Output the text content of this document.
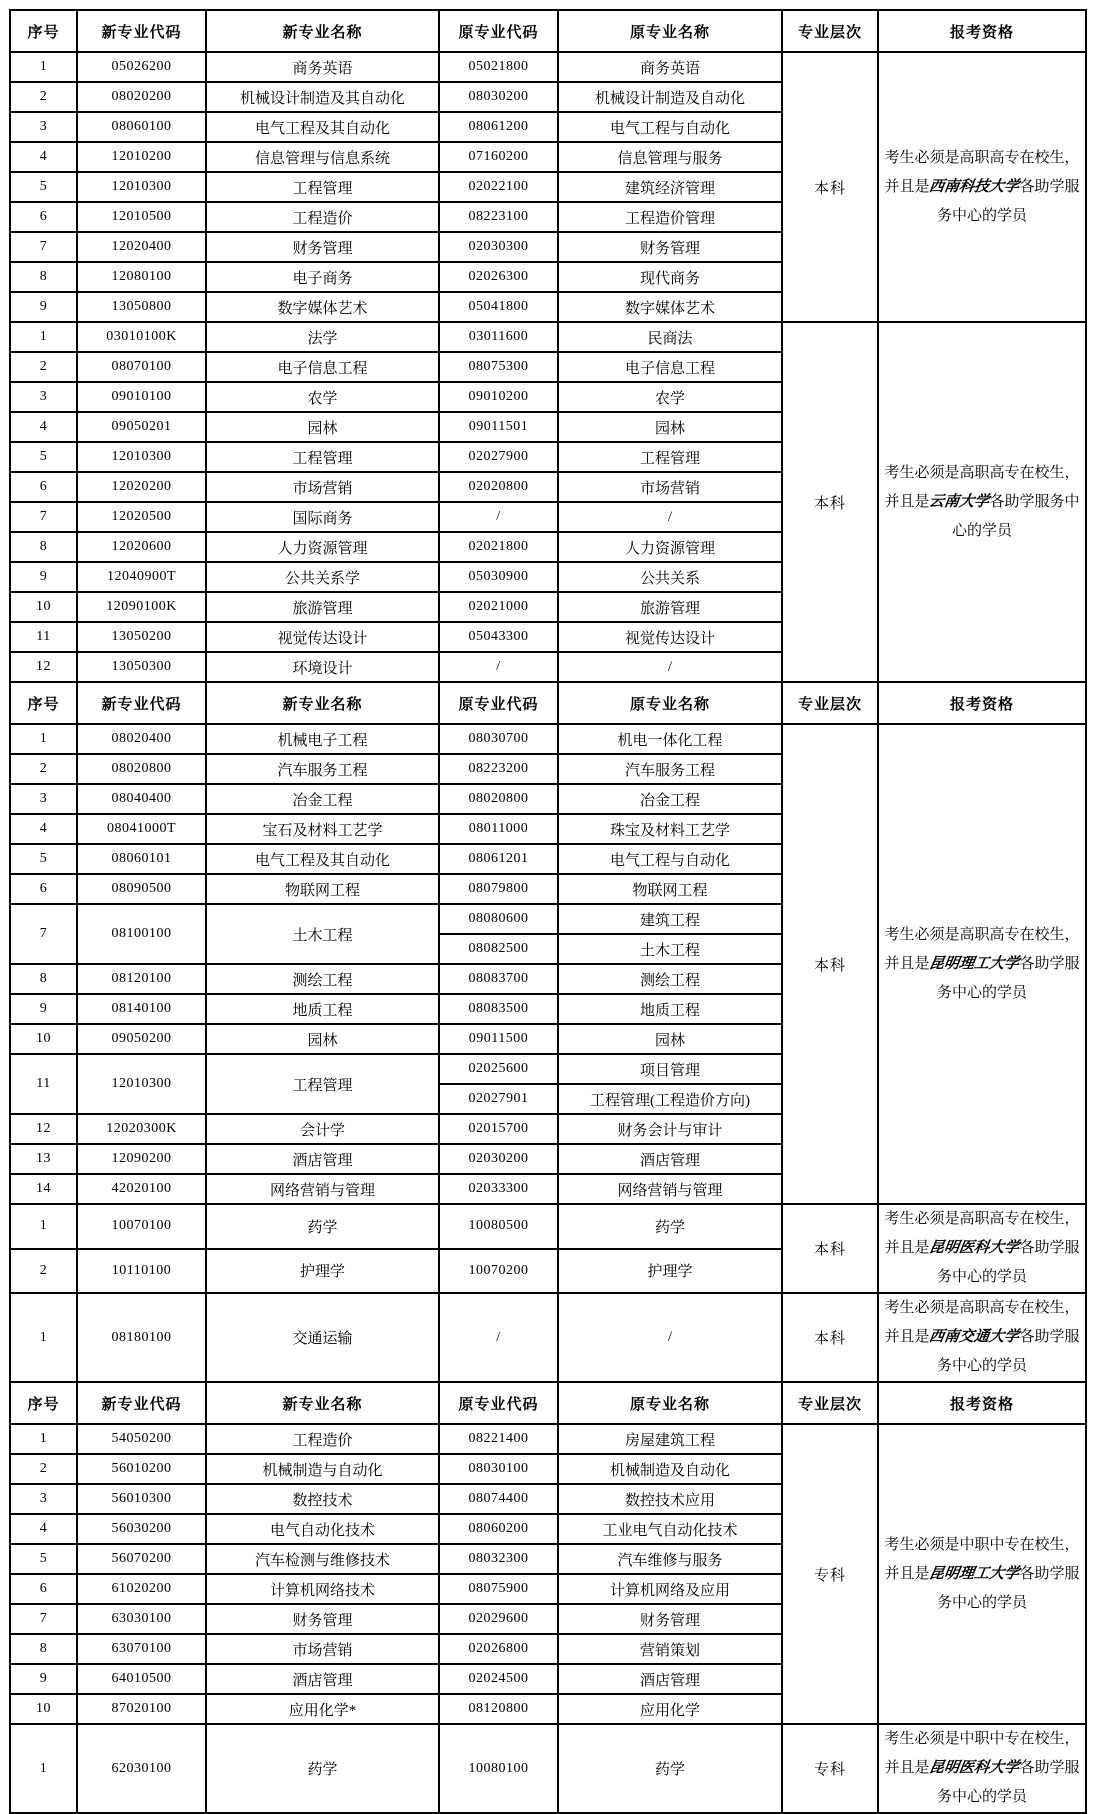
序号	新专业代码	新专业名称	原专业代码	原专业名称	专业层次	报考资格
1	05026200	商务英语	05021800	商务英语	本科	考生必须是高职高专在校生，并且是西南科技大学各助学服务中心的学员
2	08020200	机械设计制造及其自动化	08030200	机械设计制造及自动化		
3	08060100	电气工程及其自动化	08061200	电气工程与自动化		
4	12010200	信息管理与信息系统	07160200	信息管理与服务		
5	12010300	工程管理	02022100	建筑经济管理		
6	12010500	工程造价	08223100	工程造价管理		
7	12020400	财务管理	02030300	财务管理		
8	12080100	电子商务	02026300	现代商务		
9	13050800	数字媒体艺术	05041800	数字媒体艺术		
1	03010100K	法学	03011600	民商法	本科	考生必须是高职高专在校生，并且是云南大学各助学服务中心的学员
2	08070100	电子信息工程	08075300	电子信息工程		
3	09010100	农学	09010200	农学		
4	09050201	园林	09011501	园林		
5	12010300	工程管理	02027900	工程管理		
6	12020200	市场营销	02020800	市场营销		
7	12020500	国际商务	/	/		
8	12020600	人力资源管理	02021800	人力资源管理		
9	12040900T	公共关系学	05030900	公共关系		
10	12090100K	旅游管理	02021000	旅游管理		
11	13050200	视觉传达设计	05043300	视觉传达设计		
12	13050300	环境设计	/	/		
序号	新专业代码	新专业名称	原专业代码	原专业名称	专业层次	报考资格
1	08020400	机械电子工程	08030700	机电一体化工程	本科	考生必须是高职高专在校生，并且是昆明理工大学各助学服务中心的学员
2	08020800	汽车服务工程	08223200	汽车服务工程		
3	08040400	冶金工程	08020800	冶金工程		
4	08041000T	宝石及材料工艺学	08011000	珠宝及材料工艺学		
5	08060101	电气工程及其自动化	08061201	电气工程与自动化		
6	08090500	物联网工程	08079800	物联网工程		
7	08100100	土木工程	08080600	建筑工程		
			08082500	土木工程		
8	08120100	测绘工程	08083700	测绘工程		
9	08140100	地质工程	08083500	地质工程		
10	09050200	园林	09011500	园林		
11	12010300	工程管理	02025600	项目管理		
			02027901	工程管理(工程造价方向)		
12	12020300K	会计学	02015700	财务会计与审计		
13	12090200	酒店管理	02030200	酒店管理		
14	42020100	网络营销与管理	02033300	网络营销与管理		
1	10070100	药学	10080500	药学	本科	考生必须是高职高专在校生，并且是昆明医科大学各助学服务中心的学员
2	10110100	护理学	10070200	护理学		
1	08180100	交通运输	/	/	本科	考生必须是高职高专在校生，并且是西南交通大学各助学服务中心的学员
序号	新专业代码	新专业名称	原专业代码	原专业名称	专业层次	报考资格
1	54050200	工程造价	08221400	房屋建筑工程	专科	考生必须是中职中专在校生，并且是昆明理工大学各助学服务中心的学员
2	56010200	机械制造与自动化	08030100	机械制造及自动化		
3	56010300	数控技术	08074400	数控技术应用		
4	56030200	电气自动化技术	08060200	工业电气自动化技术		
5	56070200	汽车检测与维修技术	08032300	汽车维修与服务		
6	61020200	计算机网络技术	08075900	计算机网络及应用		
7	63030100	财务管理	02029600	财务管理		
8	63070100	市场营销	02026800	营销策划		
9	64010500	酒店管理	02024500	酒店管理		
10	87020100	应用化学*	08120800	应用化学		
1	62030100	药学	10080100	药学	专科	考生必须是中职中专在校生，并且是昆明医科大学各助学服务中心的学员
